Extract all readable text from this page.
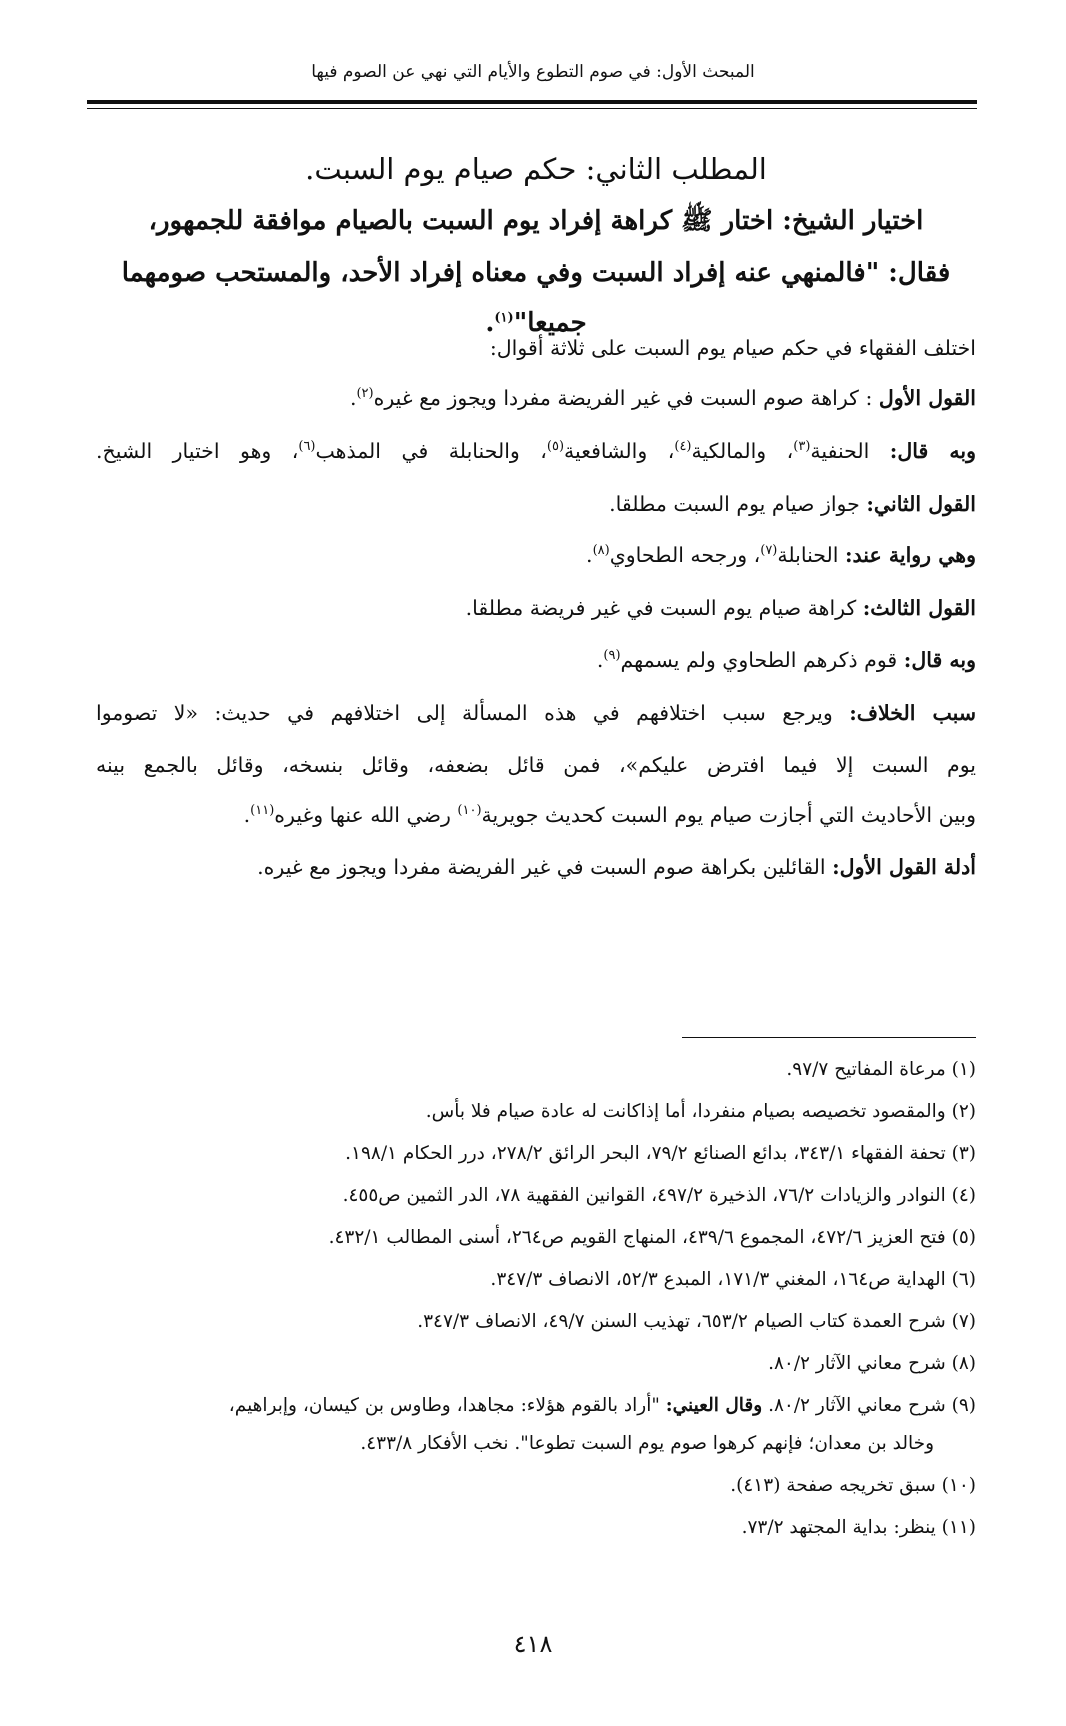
المبحث الأول: في صوم التطوع والأيام التي نهي عن الصوم فيها
المطلب الثاني: حكم صيام يوم السبت.
اختيار الشيخ: اختار ﷺ كراهة إفراد يوم السبت بالصيام موافقة للجمهور،
فقال: "فالمنهي عنه إفراد السبت وفي معناه إفراد الأحد، والمستحب صومهما
جميعا"$^{(١)}$.
اختلف الفقهاء في حكم صيام يوم السبت على ثلاثة أقوال:
القول الأول : كراهة صوم السبت في غير الفريضة مفردا ويجوز مع غيره$^{(٢)}$.
وبه قال: الحنفية$^{(٣)}$، والمالكية$^{(٤)}$، والشافعية$^{(٥)}$، والحنابلة في المذهب$^{(٦)}$، وهو اختيار الشيخ.
القول الثاني: جواز صيام يوم السبت مطلقا.
وهي رواية عند: الحنابلة$^{(٧)}$، ورجحه الطحاوي$^{(٨)}$.
القول الثالث: كراهة صيام يوم السبت في غير فريضة مطلقا.
وبه قال: قوم ذكرهم الطحاوي ولم يسمهم$^{(٩)}$.
سبب الخلاف: ويرجع سبب اختلافهم في هذه المسألة إلى اختلافهم في حديث: «لا تصوموا
يوم السبت إلا فيما افترض عليكم»، فمن قائل بضعفه، وقائل بنسخه، وقائل بالجمع بينه
وبين الأحاديث التي أجازت صيام يوم السبت كحديث جويرية$^{(١٠)}$ رضي الله عنها وغيره$^{(١١)}$.
أدلة القول الأول: القائلين بكراهة صوم السبت في غير الفريضة مفردا ويجوز مع غيره.
(١) مرعاة المفاتيح ٩٧/٧.
(٢) والمقصود تخصيصه بصيام منفردا، أما إذاكانت له عادة صيام فلا بأس.
(٣) تحفة الفقهاء ٣٤٣/١، بدائع الصنائع ٧٩/٢، البحر الرائق ٢٧٨/٢، درر الحكام ١٩٨/١.
(٤) النوادر والزيادات ٧٦/٢، الذخيرة ٤٩٧/٢، القوانين الفقهية ٧٨، الدر الثمين ص٤٥٥.
(٥) فتح العزيز ٤٧٢/٦، المجموع ٤٣٩/٦، المنهاج القويم ص٢٦٤، أسنى المطالب ٤٣٢/١.
(٦) الهداية ص١٦٤، المغني ١٧١/٣، المبدع ٥٢/٣، الانصاف ٣٤٧/٣.
(٧) شرح العمدة كتاب الصيام ٦٥٣/٢، تهذيب السنن ٤٩/٧، الانصاف ٣٤٧/٣.
(٨) شرح معاني الآثار ٨٠/٢.
(٩) شرح معاني الآثار ٨٠/٢. وقال العيني: "أراد بالقوم هؤلاء: مجاهدا، وطاوس بن كيسان، وإبراهيم،
وخالد بن معدان؛ فإنهم كرهوا صوم يوم السبت تطوعا". نخب الأفكار ٤٣٣/٨.
(١٠) سبق تخريجه صفحة (٤١٣).
(١١) ينظر: بداية المجتهد ٧٣/٢.
٤١٨
